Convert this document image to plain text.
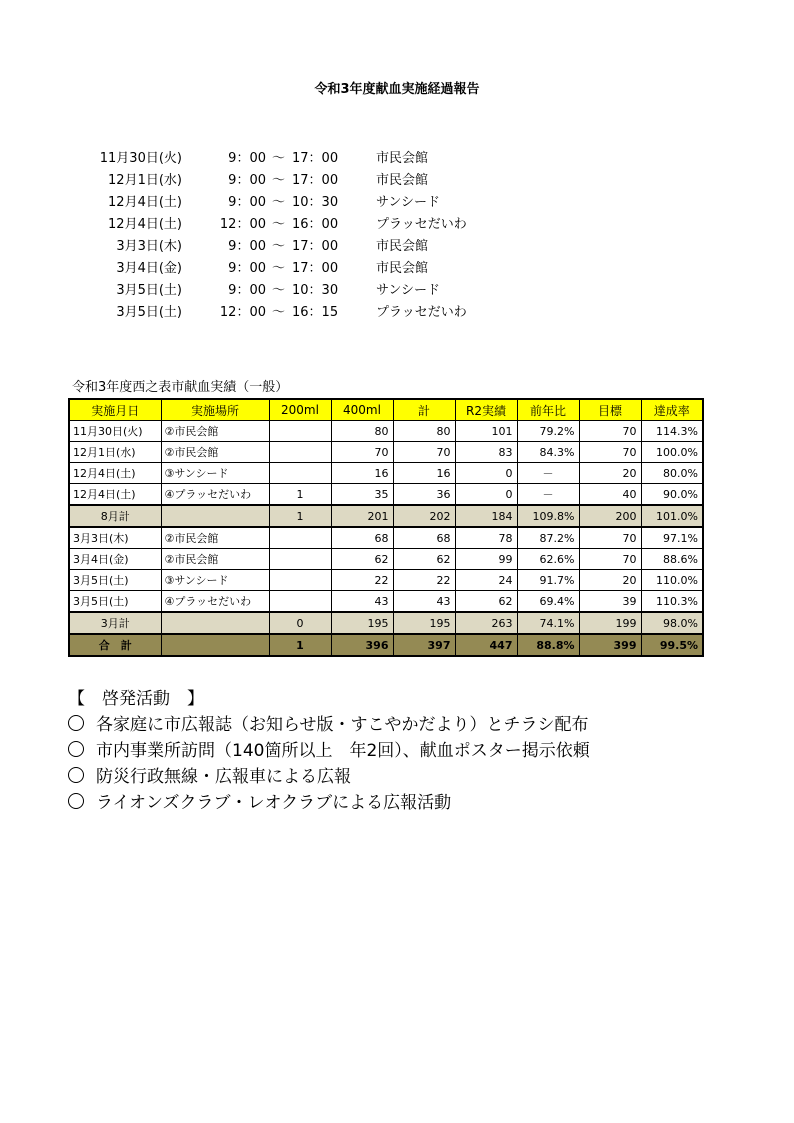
令和3年度献血実施経過報告
11月30日(火)	9：00 ～ 17：00	市民会館
12月1日(水)	9：00 ～ 17：00	市民会館
12月4日(土)	9：00 ～ 10：30	サンシード
12月4日(土)	12：00 ～ 16：00	プラッセだいわ
3月3日(木)	9：00 ～ 17：00	市民会館
3月4日(金)	9：00 ～ 17：00	市民会館
3月5日(土)	9：00 ～ 10：30	サンシード
3月5日(土)	12：00 ～ 16：15	プラッセだいわ
令和3年度西之表市献血実績（一般）
実施月日	実施場所	200ml	400ml	計	R2実績	前年比	目標	達成率
11月30日(火)	②市民会館		80	80	101	79.2%	70	114.3%
12月1日(水)	②市民会館		70	70	83	84.3%	70	100.0%
12月4日(土)	③サンシード		16	16	0	－	20	80.0%
12月4日(土)	④プラッセだいわ	1	35	36	0	－	40	90.0%
8月計		1	201	202	184	109.8%	200	101.0%
3月3日(木)	②市民会館		68	68	78	87.2%	70	97.1%
3月4日(金)	②市民会館		62	62	99	62.6%	70	88.6%
3月5日(土)	③サンシード		22	22	24	91.7%	20	110.0%
3月5日(土)	④プラッセだいわ		43	43	62	69.4%	39	110.3%
3月計		0	195	195	263	74.1%	199	98.0%
合　計		1	396	397	447	88.8%	399	99.5%
【　啓発活動　】
各家庭に市広報誌（お知らせ版・すこやかだより）とチラシ配布
市内事業所訪問（140箇所以上　年2回）、献血ポスター掲示依頼
防災行政無線・広報車による広報
ライオンズクラブ・レオクラブによる広報活動
